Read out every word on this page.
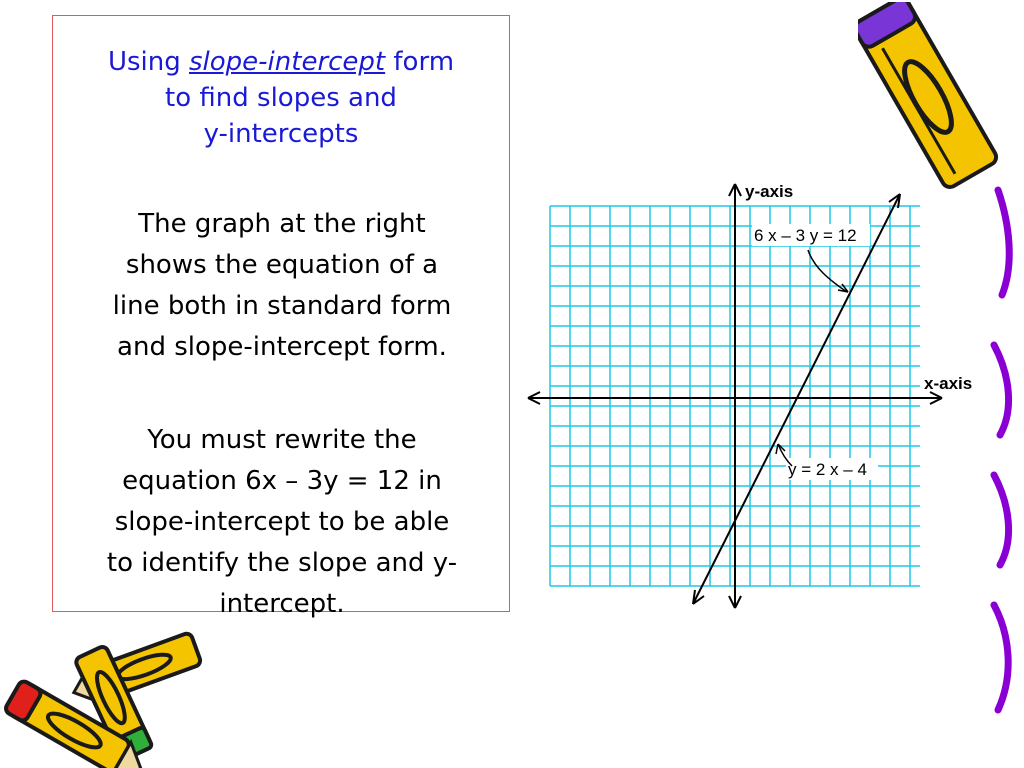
Using slope-intercept form
to find slopes and
y-intercepts
The graph at the right
shows the equation of a
line both in standard form
and slope-intercept form.
You must rewrite the
equation 6x – 3y = 12 in
slope-intercept to be able
to identify the slope and y-
intercept.
y-axis
x-axis
6 x – 3 y = 12
y = 2 x – 4
